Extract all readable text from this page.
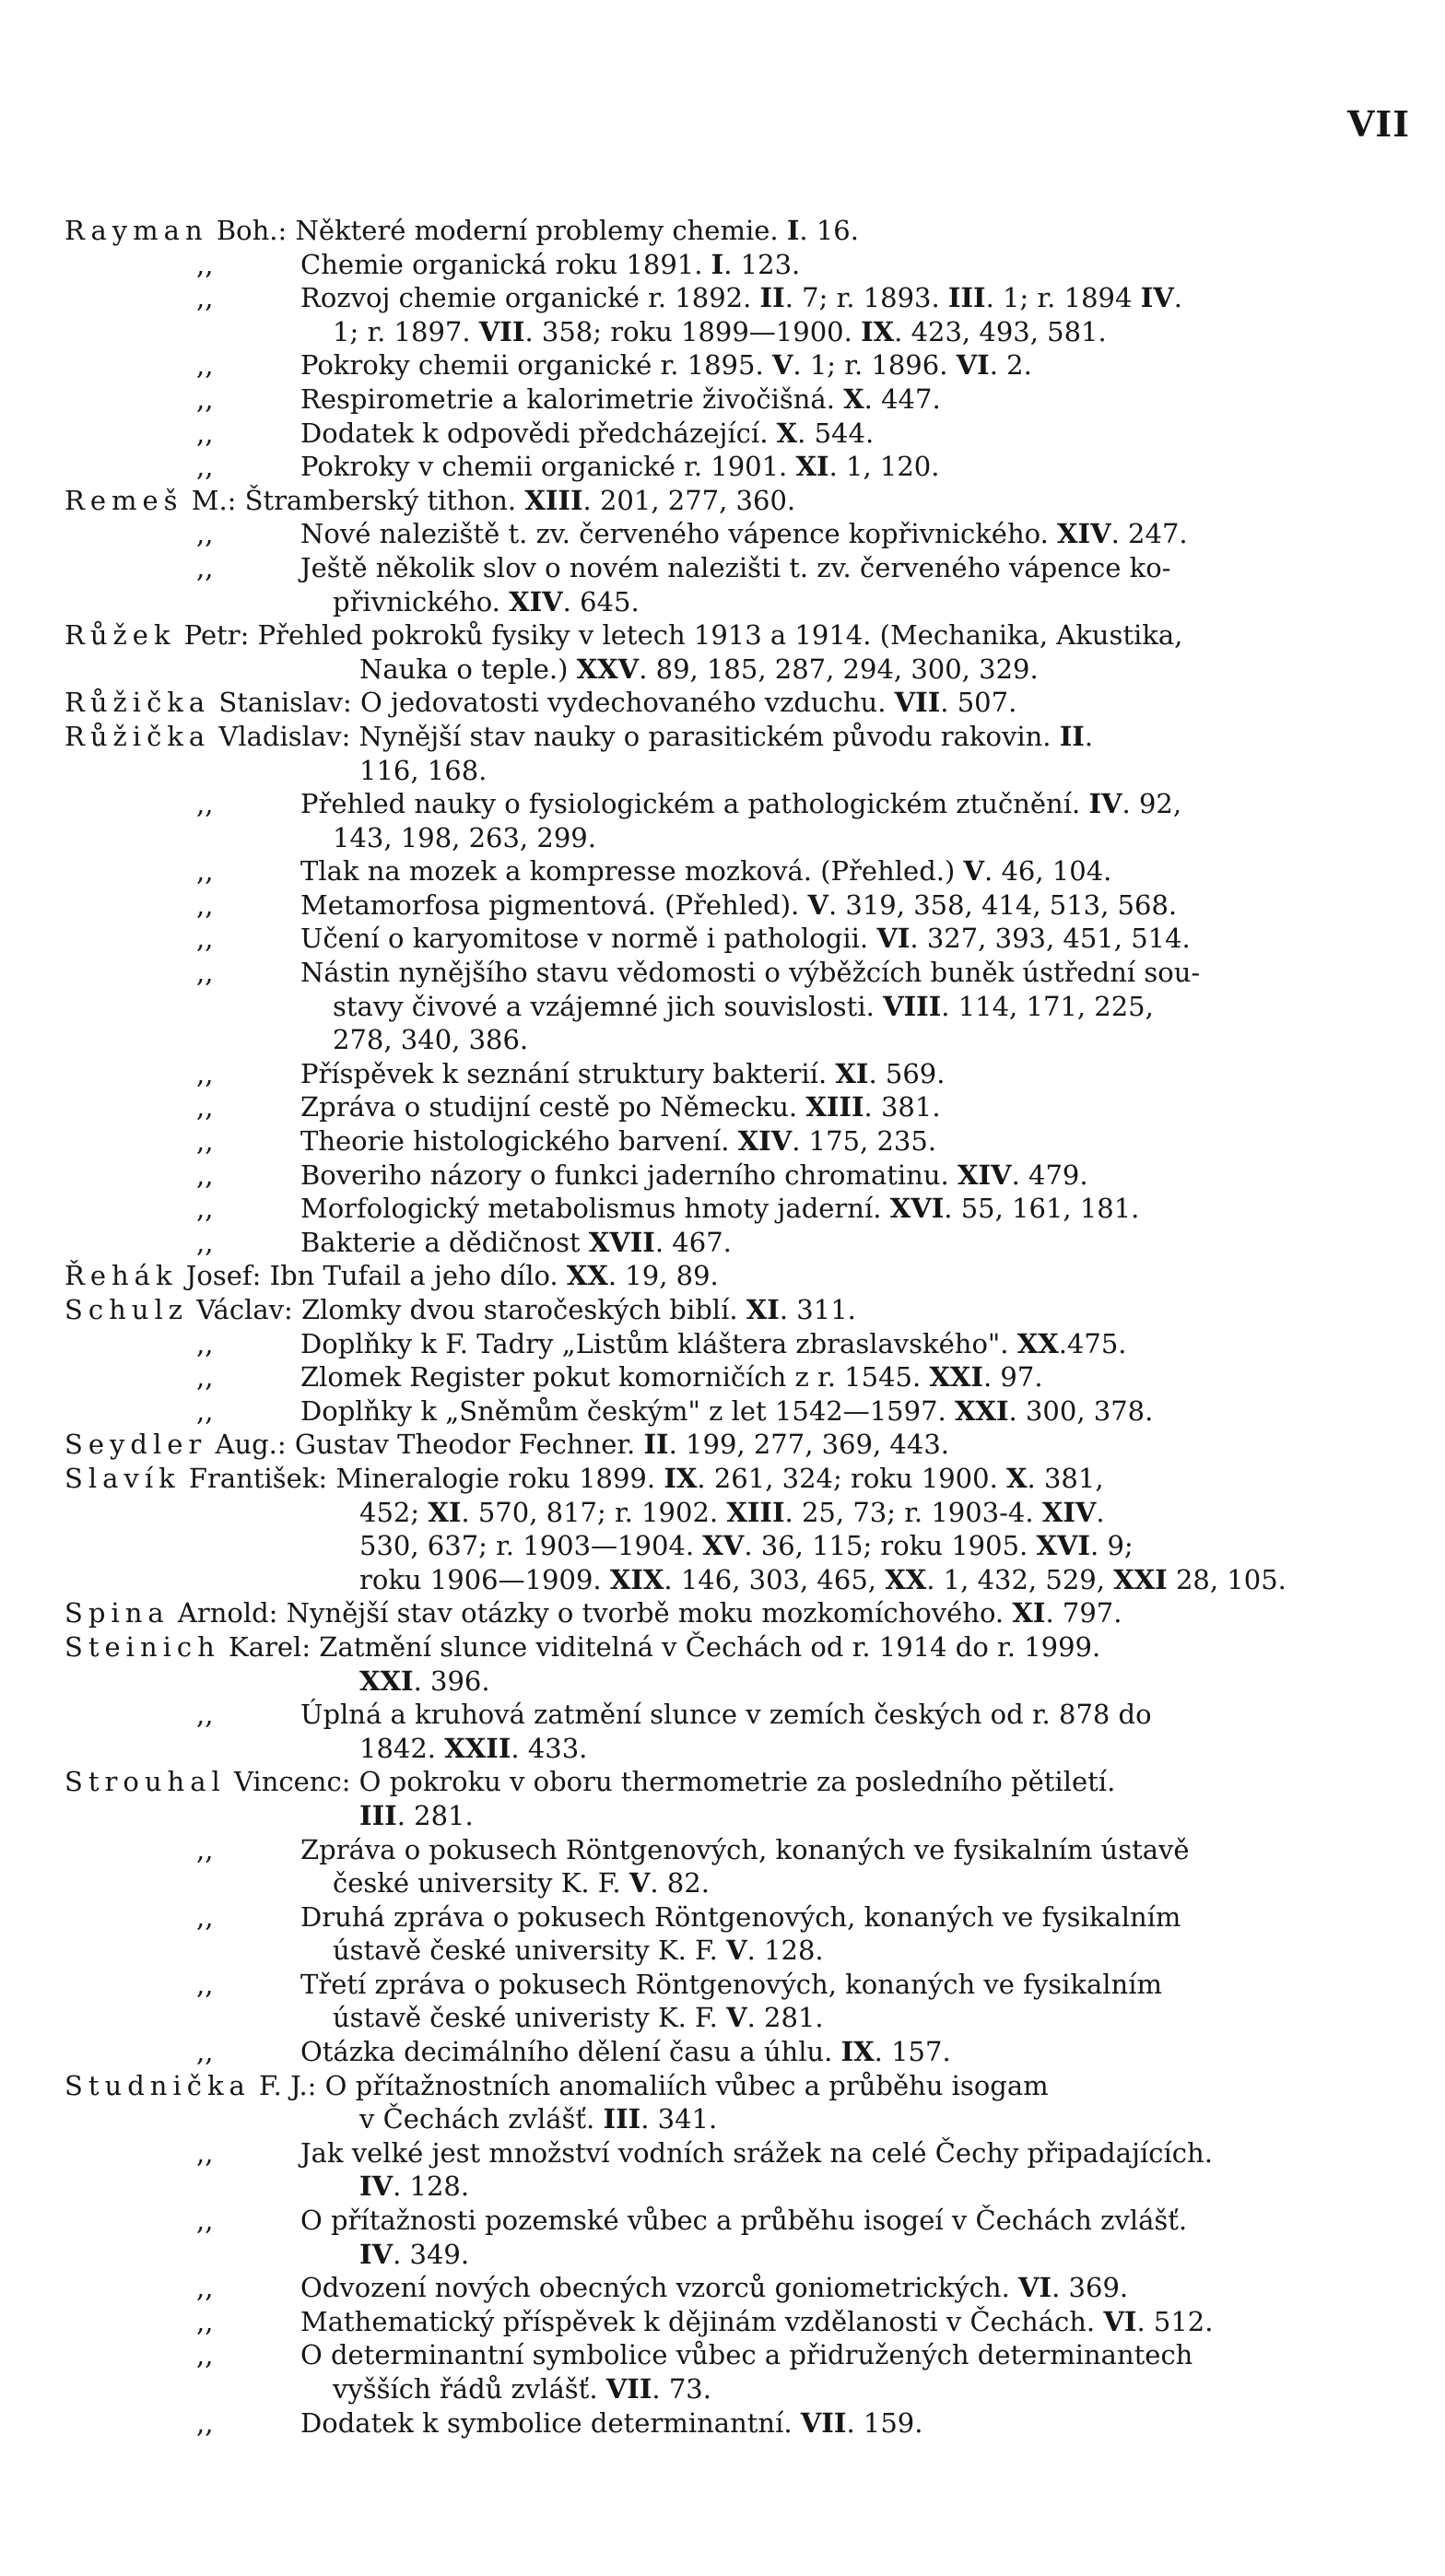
VII
Rayman Boh.: Některé moderní problemy chemie. I. 16.
,,	Chemie organická roku 1891. I. 123.
,,	Rozvoj chemie organické r. 1892. II. 7; r. 1893. III. 1; r. 1894 IV.
1; r. 1897. VII. 358; roku 1899—1900. IX. 423, 493, 581.
,,	Pokroky chemii organické r. 1895. V. 1; r. 1896. VI. 2.
,,	Respirometrie a kalorimetrie živočišná. X. 447.
,,	Dodatek k odpovědi předcházející. X. 544.
,,	Pokroky v chemii organické r. 1901. XI. 1, 120.
Remeš M.: Štramberský tithon. XIII. 201, 277, 360.
,,	Nové naleziště t. zv. červeného vápence kopřivnického. XIV. 247.
,,	Ještě několik slov o novém nalezišti t. zv. červeného vápence ko-
přivnického. XIV. 645.
Růžek Petr: Přehled pokroků fysiky v letech 1913 a 1914. (Mechanika, Akustika,
Nauka o teple.) XXV. 89, 185, 287, 294, 300, 329.
Růžička Stanislav: O jedovatosti vydechovaného vzduchu. VII. 507.
Růžička Vladislav: Nynější stav nauky o parasitickém původu rakovin. II.
116, 168.
,,	Přehled nauky o fysiologickém a pathologickém ztučnění. IV. 92,
143, 198, 263, 299.
,,	Tlak na mozek a kompresse mozková. (Přehled.) V. 46, 104.
,,	Metamorfosa pigmentová. (Přehled). V. 319, 358, 414, 513, 568.
,,	Učení o karyomitose v normě i pathologii. VI. 327, 393, 451, 514.
,,	Nástin nynějšího stavu vědomosti o výběžcích buněk ústřední sou-
stavy čivové a vzájemné jich souvislosti. VIII. 114, 171, 225,
278, 340, 386.
,,	Příspěvek k seznání struktury bakterií. XI. 569.
,,	Zpráva o studijní cestě po Německu. XIII. 381.
,,	Theorie histologického barvení. XIV. 175, 235.
,,	Boveriho názory o funkci jaderního chromatinu. XIV. 479.
,,	Morfologický metabolismus hmoty jaderní. XVI. 55, 161, 181.
,,	Bakterie a dědičnost XVII. 467.
Řehák Josef: Ibn Tufail a jeho dílo. XX. 19, 89.
Schulz Václav: Zlomky dvou staročeských biblí. XI. 311.
,,	Doplňky k F. Tadry „Listům kláštera zbraslavského". XX.475.
,,	Zlomek Register pokut komorničích z r. 1545. XXI. 97.
,,	Doplňky k „Sněmům českým" z let 1542—1597. XXI. 300, 378.
Seydler Aug.: Gustav Theodor Fechner. II. 199, 277, 369, 443.
Slavík František: Mineralogie roku 1899. IX. 261, 324; roku 1900. X. 381,
452; XI. 570, 817; r. 1902. XIII. 25, 73; r. 1903-4. XIV.
530, 637; r. 1903—1904. XV. 36, 115; roku 1905. XVI. 9;
roku 1906—1909. XIX. 146, 303, 465, XX. 1, 432, 529, XXI 28, 105.
Spina Arnold: Nynější stav otázky o tvorbě moku mozkomíchového. XI. 797.
Steinich Karel: Zatmění slunce viditelná v Čechách od r. 1914 do r. 1999.
XXI. 396.
,,	Úplná a kruhová zatmění slunce v zemích českých od r. 878 do
1842. XXII. 433.
Strouhal Vincenc: O pokroku v oboru thermometrie za posledního pětiletí.
III. 281.
,,	Zpráva o pokusech Röntgenových, konaných ve fysikalním ústavě
české university K. F. V. 82.
,,	Druhá zpráva o pokusech Röntgenových, konaných ve fysikalním
ústavě české university K. F. V. 128.
,,	Třetí zpráva o pokusech Röntgenových, konaných ve fysikalním
ústavě české univeristy K. F. V. 281.
,,	Otázka decimálního dělení času a úhlu. IX. 157.
Studnička F. J.: O přítažnostních anomaliích vůbec a průběhu isogam
v Čechách zvlášť. III. 341.
,,	Jak velké jest množství vodních srážek na celé Čechy připadajících.
IV. 128.
,,	O přítažnosti pozemské vůbec a průběhu isogeí v Čechách zvlášť.
IV. 349.
,,	Odvození nových obecných vzorců goniometrických. VI. 369.
,,	Mathematický příspěvek k dějinám vzdělanosti v Čechách. VI. 512.
,,	O determinantní symbolice vůbec a přidružených determinantech
vyšších řádů zvlášť. VII. 73.
,,	Dodatek k symbolice determinantní. VII. 159.
